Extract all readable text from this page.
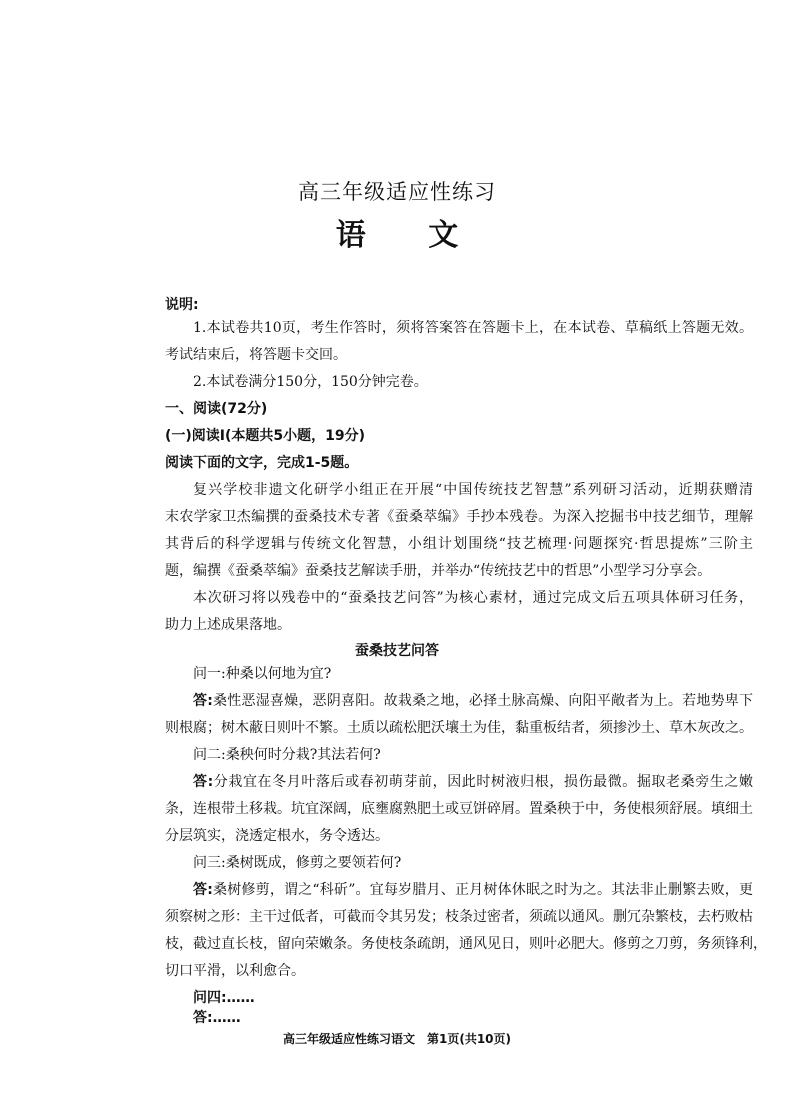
高三年级适应性练习
语 文
说明:
1.本试卷共10页，考生作答时，须将答案答在答题卡上，在本试卷、草稿纸上答题无效。
考试结束后，将答题卡交回。
2.本试卷满分150分，150分钟完卷。
一、阅读(72分)
(一)阅读Ⅰ(本题共5小题，19分)
阅读下面的文字，完成1-5题。
复兴学校非遗文化研学小组正在开展“中国传统技艺智慧”系列研习活动，近期获赠清
末农学家卫杰编撰的蚕桑技术专著《蚕桑萃编》手抄本残卷。为深入挖掘书中技艺细节，理解
其背后的科学逻辑与传统文化智慧，小组计划围绕“技艺梳理·问题探究·哲思提炼”三阶主
题，编撰《蚕桑萃编》蚕桑技艺解读手册，并举办“传统技艺中的哲思”小型学习分享会。
本次研习将以残卷中的“蚕桑技艺问答”为核心素材，通过完成文后五项具体研习任务，
助力上述成果落地。
蚕桑技艺问答
问一:种桑以何地为宜?
答:桑性恶湿喜燥，恶阴喜阳。故栽桑之地，必择土脉高燥、向阳平敞者为上。若地势卑下
则根腐；树木蔽日则叶不繁。土质以疏松肥沃壤土为佳，黏重板结者，须掺沙土、草木灰改之。
问二:桑秧何时分栽?其法若何?
答:分栽宜在冬月叶落后或春初萌芽前，因此时树液归根，损伤最微。掘取老桑旁生之嫩
条，连根带土移栽。坑宜深阔，底壅腐熟肥土或豆饼碎屑。置桑秧于中，务使根须舒展。填细土
分层筑实，浇透定根水，务令透达。
问三:桑树既成，修剪之要领若何?
答:桑树修剪，谓之“科斫”。宜每岁腊月、正月树体休眠之时为之。其法非止删繁去败，更
须察树之形：主干过低者，可截而令其另发；枝条过密者，须疏以通风。删冗杂繁枝，去朽败枯
枝，截过直长枝，留向荣嫩条。务使枝条疏朗，通风见日，则叶必肥大。修剪之刀剪，务须锋利，
切口平滑，以利愈合。
问四:……
答:……
高三年级适应性练习语文　第1页(共10页)
